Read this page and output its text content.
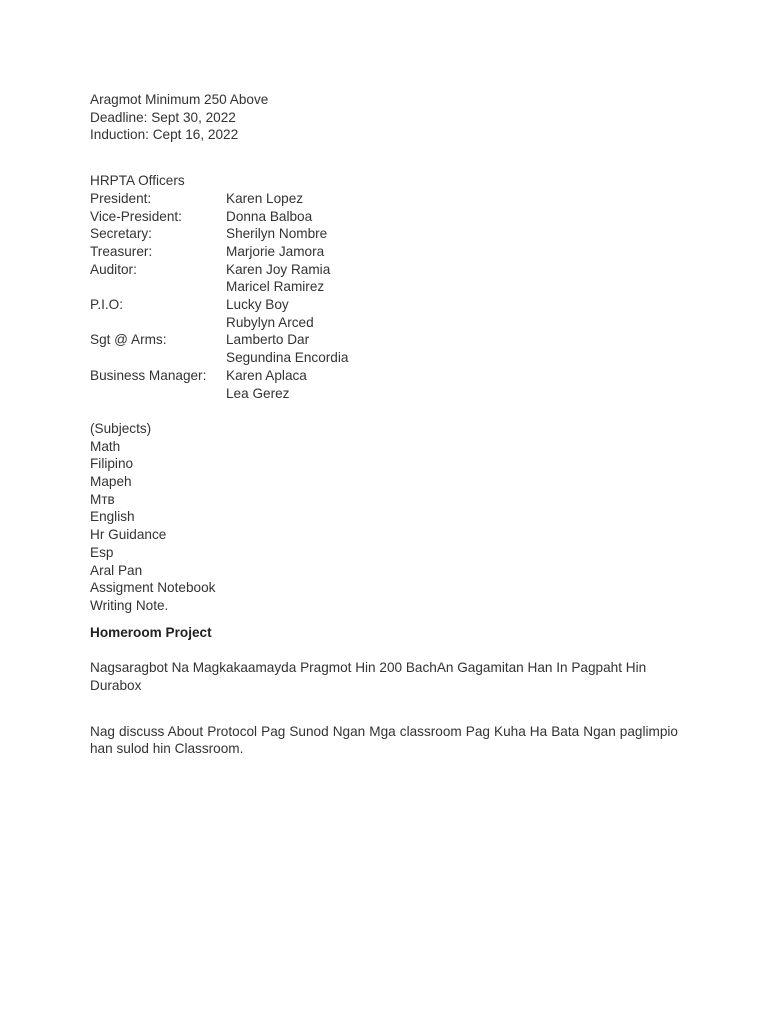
Aragmot Minimum 250 Above
Deadline: Sept 30, 2022
Induction: Cept 16, 2022
HRPTA Officers
President:	Karen Lopez
Vice-President:	Donna Balboa
Secretary:	Sherilyn Nombre
Treasurer:	Marjorie Jamora
Auditor:	Karen Joy Ramia
Maricel Ramirez
P.I.O:	Lucky Boy
Rubylyn Arced
Sgt @ Arms:	Lamberto Dar
Segundina Encordia
Business Manager:	Karen Aplaca
Lea Gerez
(Subjects)
Math
Filipino
Mapeh
Mтв
English
Hr Guidance
Esp
Aral Pan
Assigment Notebook
Writing Note.
Homeroom Project
Nagsaragbot Na Magkakaamayda Pragmot Hin 200 BachAn Gagamitan Han In Pagpaht Hin Durabox
Nag discuss About Protocol Pag Sunod Ngan Mga classroom Pag Kuha Ha Bata Ngan paglimpio han sulod hin Classroom.
